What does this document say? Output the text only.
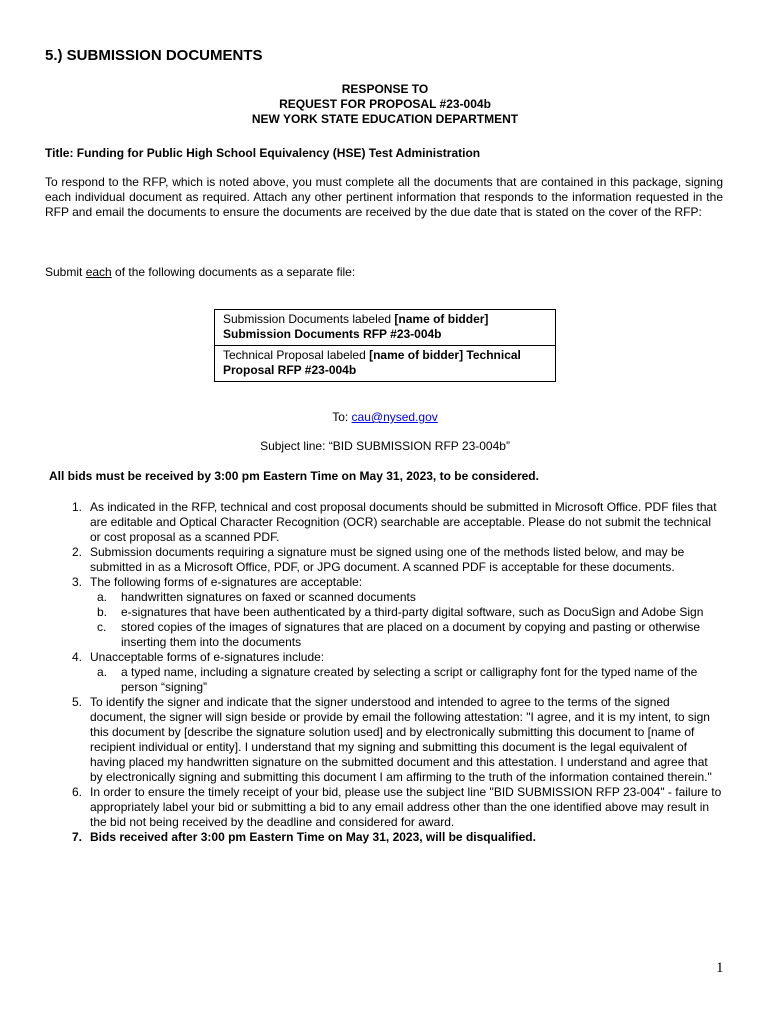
5.) SUBMISSION DOCUMENTS
RESPONSE TO
REQUEST FOR PROPOSAL #23-004b
NEW YORK STATE EDUCATION DEPARTMENT
Title: Funding for Public High School Equivalency (HSE) Test Administration
To respond to the RFP, which is noted above, you must complete all the documents that are contained in this package, signing each individual document as required. Attach any other pertinent information that responds to the information requested in the RFP and email the documents to ensure the documents are received by the due date that is stated on the cover of the RFP:
Submit each of the following documents as a separate file:
Submission Documents labeled [name of bidder] Submission Documents RFP #23-004b
Technical Proposal labeled [name of bidder] Technical Proposal RFP #23-004b
To: cau@nysed.gov
Subject line: “BID SUBMISSION RFP 23-004b”
All bids must be received by 3:00 pm Eastern Time on May 31, 2023, to be considered.
1. As indicated in the RFP, technical and cost proposal documents should be submitted in Microsoft Office. PDF files that are editable and Optical Character Recognition (OCR) searchable are acceptable. Please do not submit the technical or cost proposal as a scanned PDF.
2. Submission documents requiring a signature must be signed using one of the methods listed below, and may be submitted in as a Microsoft Office, PDF, or JPG document. A scanned PDF is acceptable for these documents.
3. The following forms of e-signatures are acceptable:
a.	handwritten signatures on faxed or scanned documents
b.	e-signatures that have been authenticated by a third-party digital software, such as DocuSign and Adobe Sign
c.	stored copies of the images of signatures that are placed on a document by copying and pasting or otherwise inserting them into the documents
4. Unacceptable forms of e-signatures include:
a.	a typed name, including a signature created by selecting a script or calligraphy font for the typed name of the person “signing”
5. To identify the signer and indicate that the signer understood and intended to agree to the terms of the signed document, the signer will sign beside or provide by email the following attestation: "I agree, and it is my intent, to sign this document by [describe the signature solution used] and by electronically submitting this document to [name of recipient individual or entity]. I understand that my signing and submitting this document is the legal equivalent of having placed my handwritten signature on the submitted document and this attestation. I understand and agree that by electronically signing and submitting this document I am affirming to the truth of the information contained therein."
6. In order to ensure the timely receipt of your bid, please use the subject line "BID SUBMISSION RFP 23-004" - failure to appropriately label your bid or submitting a bid to any email address other than the one identified above may result in the bid not being received by the deadline and considered for award.
7. Bids received after 3:00 pm Eastern Time on May 31, 2023, will be disqualified.
1
